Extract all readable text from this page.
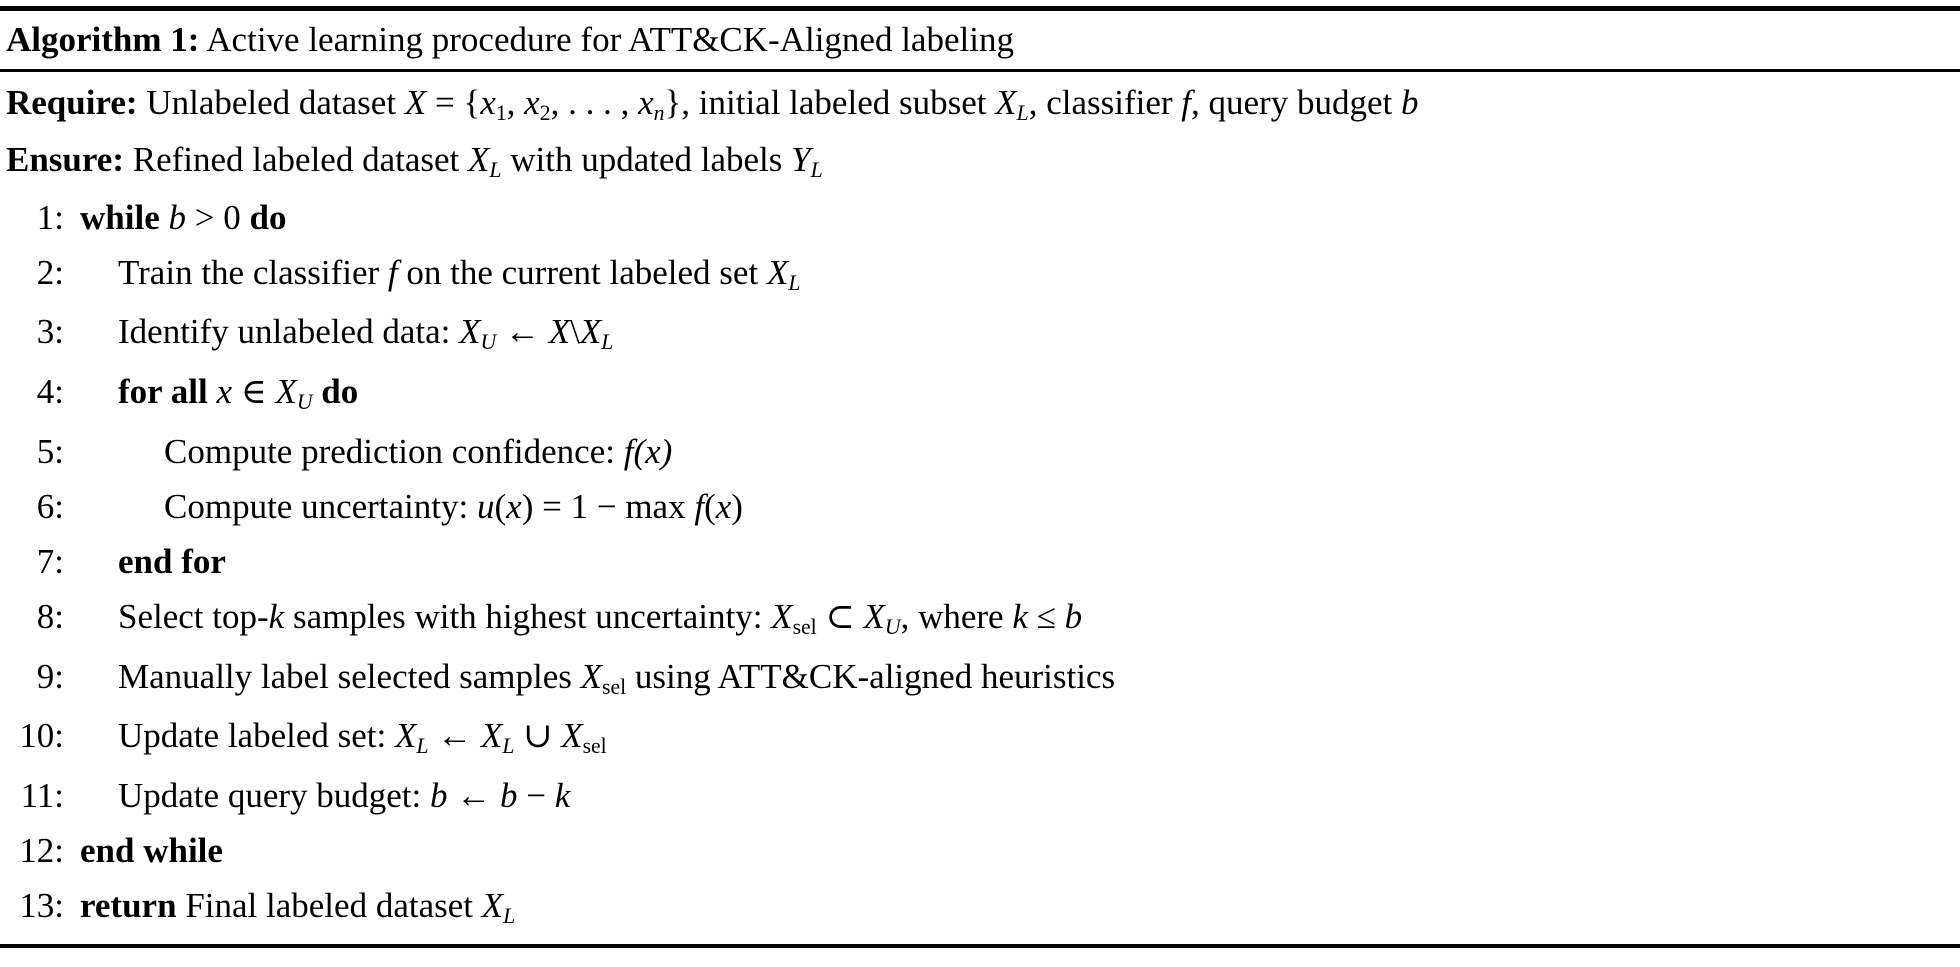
Algorithm 1: Active learning procedure for ATT&CK-Aligned labeling
Require: Unlabeled dataset X = {x1, x2, . . . , xn}, initial labeled subset XL, classifier f, query budget b
Ensure: Refined labeled dataset XL with updated labels YL
1: while b > 0 do
2:	Train the classifier f on the current labeled set XL
3:	Identify unlabeled data: XU ← X\XL
4:	for all x ∈ XU do
5:	Compute prediction confidence: f(x)
6:	Compute uncertainty: u(x) = 1 − max f(x)
7:	end for
8:	Select top-k samples with highest uncertainty: Xsel ⊂ XU, where k ≤ b
9:	Manually label selected samples Xsel using ATT&CK-aligned heuristics
10:	Update labeled set: XL ← XL ∪ Xsel
11:	Update query budget: b ← b − k
12: end while
13: return Final labeled dataset XL
